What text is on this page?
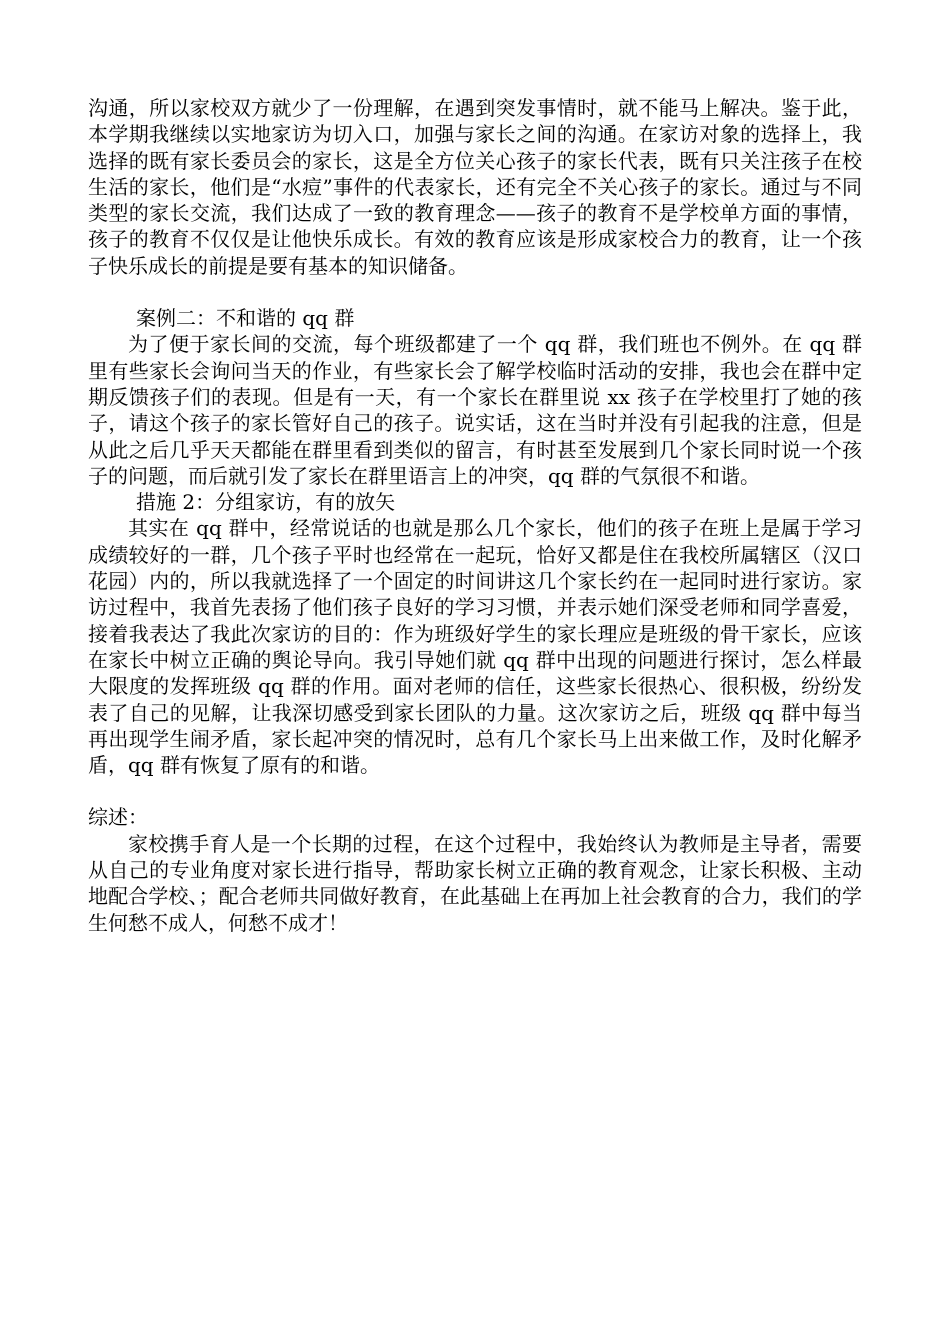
沟通，所以家校双方就少了一份理解，在遇到突发事情时，就不能马上解决。鉴于此，本学期我继续以实地家访为切入口，加强与家长之间的沟通。在家访对象的选择上，我选择的既有家长委员会的家长，这是全方位关心孩子的家长代表，既有只关注孩子在校生活的家长，他们是“水痘”事件的代表家长，还有完全不关心孩子的家长。通过与不同类型的家长交流，我们达成了一致的教育理念——孩子的教育不是学校单方面的事情，孩子的教育不仅仅是让他快乐成长。有效的教育应该是形成家校合力的教育，让一个孩子快乐成长的前提是要有基本的知识储备。

案例二：不和谐的 qq 群

为了便于家长间的交流，每个班级都建了一个 qq 群，我们班也不例外。在 qq 群里有些家长会询问当天的作业，有些家长会了解学校临时活动的安排，我也会在群中定期反馈孩子们的表现。但是有一天，有一个家长在群里说 xx 孩子在学校里打了她的孩子，请这个孩子的家长管好自己的孩子。说实话，这在当时并没有引起我的注意，但是从此之后几乎天天都能在群里看到类似的留言，有时甚至发展到几个家长同时说一个孩子的问题，而后就引发了家长在群里语言上的冲突，qq 群的气氛很不和谐。

措施 2：分组家访，有的放矢

其实在 qq 群中，经常说话的也就是那么几个家长，他们的孩子在班上是属于学习成绩较好的一群，几个孩子平时也经常在一起玩，恰好又都是住在我校所属辖区（汉口花园）内的，所以我就选择了一个固定的时间讲这几个家长约在一起同时进行家访。家访过程中，我首先表扬了他们孩子良好的学习习惯，并表示她们深受老师和同学喜爱，接着我表达了我此次家访的目的：作为班级好学生的家长理应是班级的骨干家长，应该在家长中树立正确的舆论导向。我引导她们就 qq 群中出现的问题进行探讨，怎么样最大限度的发挥班级 qq 群的作用。面对老师的信任，这些家长很热心、很积极，纷纷发表了自己的见解，让我深切感受到家长团队的力量。这次家访之后，班级 qq 群中每当再出现学生闹矛盾，家长起冲突的情况时，总有几个家长马上出来做工作，及时化解矛盾，qq 群有恢复了原有的和谐。

综述：

家校携手育人是一个长期的过程，在这个过程中，我始终认为教师是主导者，需要从自己的专业角度对家长进行指导，帮助家长树立正确的教育观念，让家长积极、主动地配合学校、；配合老师共同做好教育，在此基础上在再加上社会教育的合力，我们的学生何愁不成人，何愁不成才！
